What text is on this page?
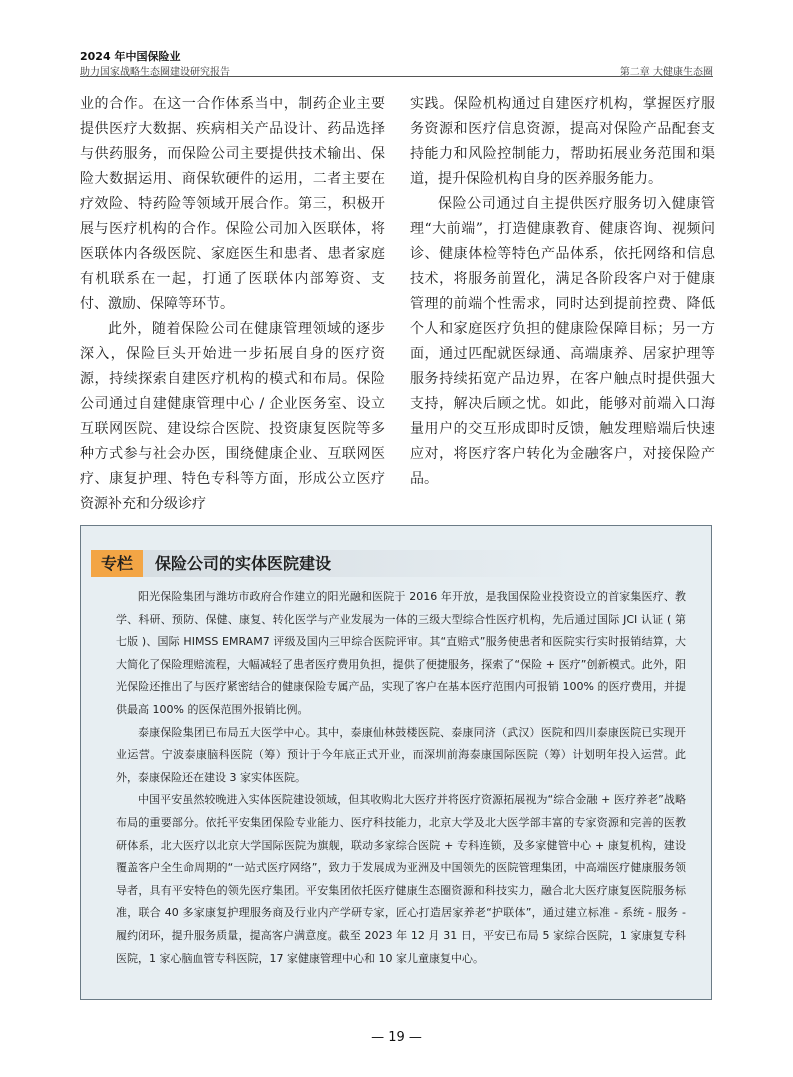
2024 年中国保险业
助力国家战略生态圈建设研究报告	第二章 大健康生态圈

业的合作。在这一合作体系当中，制药企业主要提供医疗大数据、疾病相关产品设计、药品选择与供药服务，而保险公司主要提供技术输出、保险大数据运用、商保软硬件的运用，二者主要在疗效险、特药险等领域开展合作。第三，积极开展与医疗机构的合作。保险公司加入医联体，将医联体内各级医院、家庭医生和患者、患者家庭有机联系在一起，打通了医联体内部筹资、支付、激励、保障等环节。

此外，随着保险公司在健康管理领域的逐步深入，保险巨头开始进一步拓展自身的医疗资源，持续探索自建医疗机构的模式和布局。保险公司通过自建健康管理中心 / 企业医务室、设立互联网医院、建设综合医院、投资康复医院等多种方式参与社会办医，围绕健康企业、互联网医疗、康复护理、特色专科等方面，形成公立医疗资源补充和分级诊疗

实践。保险机构通过自建医疗机构，掌握医疗服务资源和医疗信息资源，提高对保险产品配套支持能力和风险控制能力，帮助拓展业务范围和渠道，提升保险机构自身的医养服务能力。

保险公司通过自主提供医疗服务切入健康管理“大前端”，打造健康教育、健康咨询、视频问诊、健康体检等特色产品体系，依托网络和信息技术，将服务前置化，满足各阶段客户对于健康管理的前端个性需求，同时达到提前控费、降低个人和家庭医疗负担的健康险保障目标；另一方面，通过匹配就医绿通、高端康养、居家护理等服务持续拓宽产品边界，在客户触点时提供强大支持，解决后顾之忧。如此，能够对前端入口海量用户的交互形成即时反馈，触发理赔端后快速应对，将医疗客户转化为金融客户，对接保险产品。

专栏	保险公司的实体医院建设

阳光保险集团与潍坊市政府合作建立的阳光融和医院于 2016 年开放，是我国保险业投资设立的首家集医疗、教学、科研、预防、保健、康复、转化医学与产业发展为一体的三级大型综合性医疗机构，先后通过国际 JCI 认证 ( 第七版 )、国际 HIMSS EMRAM7 评级及国内三甲综合医院评审。其“直赔式”服务使患者和医院实行实时报销结算，大大简化了保险理赔流程，大幅减轻了患者医疗费用负担，提供了便捷服务，探索了“保险 + 医疗”创新模式。此外，阳光保险还推出了与医疗紧密结合的健康保险专属产品，实现了客户在基本医疗范围内可报销 100% 的医疗费用，并提供最高 100% 的医保范围外报销比例。

泰康保险集团已布局五大医学中心。其中，泰康仙林鼓楼医院、泰康同济（武汉）医院和四川泰康医院已实现开业运营。宁波泰康脑科医院（筹）预计于今年底正式开业，而深圳前海泰康国际医院（筹）计划明年投入运营。此外，泰康保险还在建设 3 家实体医院。

中国平安虽然较晚进入实体医院建设领域，但其收购北大医疗并将医疗资源拓展视为“综合金融 + 医疗养老”战略布局的重要部分。依托平安集团保险专业能力、医疗科技能力，北京大学及北大医学部丰富的专家资源和完善的医教研体系，北大医疗以北京大学国际医院为旗舰，联动多家综合医院 + 专科连锁，及多家健管中心 + 康复机构，建设覆盖客户全生命周期的“一站式医疗网络”，致力于发展成为亚洲及中国领先的医院管理集团，中高端医疗健康服务领导者，具有平安特色的领先医疗集团。平安集团依托医疗健康生态圈资源和科技实力，融合北大医疗康复医院服务标准，联合 40 多家康复护理服务商及行业内产学研专家，匠心打造居家养老“护联体”，通过建立标准 - 系统 - 服务 - 履约闭环，提升服务质量，提高客户满意度。截至 2023 年 12 月 31 日，平安已布局 5 家综合医院，1 家康复专科医院，1 家心脑血管专科医院，17 家健康管理中心和 10 家儿童康复中心。

— 19 —
